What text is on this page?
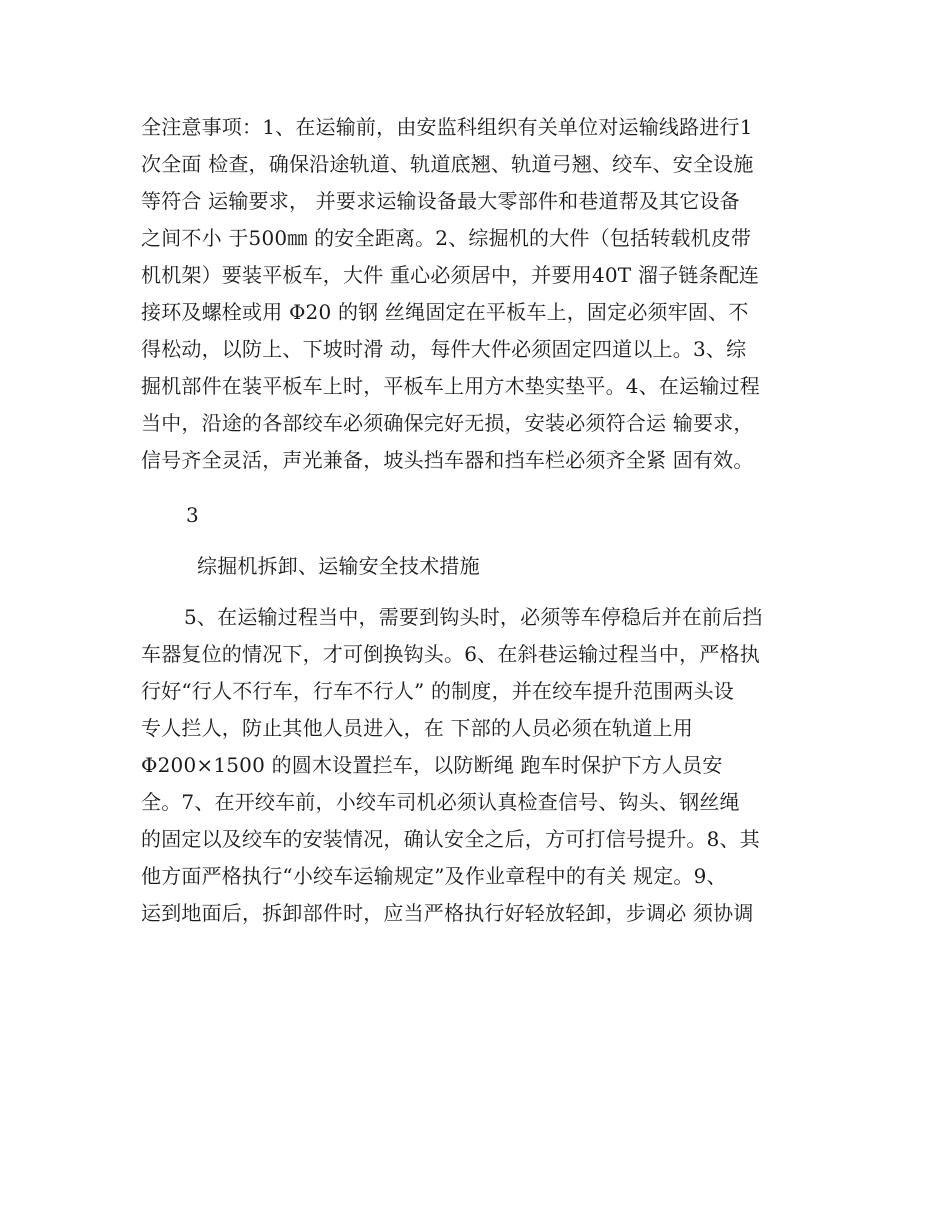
全注意事项：1、在运输前，由安监科组织有关单位对运输线路进行1
次全面 检查，确保沿途轨道、轨道底翘、轨道弓翘、绞车、安全设施
等符合 运输要求， 并要求运输设备最大零部件和巷道帮及其它设备
之间不小 于500㎜ 的安全距离。2、综掘机的大件（包括转载机皮带
机机架）要装平板车，大件 重心必须居中，并要用40T 溜子链条配连
接环及螺栓或用 Φ20 的钢 丝绳固定在平板车上，固定必须牢固、不
得松动，以防上、下坡时滑 动，每件大件必须固定四道以上。3、综
掘机部件在装平板车上时，平板车上用方木垫实垫平。4、在运输过程
当中，沿途的各部绞车必须确保完好无损，安装必须符合运 输要求，
信号齐全灵活，声光兼备，坡头挡车器和挡车栏必须齐全紧 固有效。
3
综掘机拆卸、运输安全技术措施
5、在运输过程当中，需要到钩头时，必须等车停稳后并在前后挡
车器复位的情况下，才可倒换钩头。6、在斜巷运输过程当中，严格执
行好“行人不行车，行车不行人” 的制度，并在绞车提升范围两头设
专人拦人，防止其他人员进入，在 下部的人员必须在轨道上用
Φ200×1500 的圆木设置拦车，以防断绳 跑车时保护下方人员安
全。7、在开绞车前，小绞车司机必须认真检查信号、钩头、钢丝绳
的固定以及绞车的安装情况，确认安全之后，方可打信号提升。8、其
他方面严格执行“小绞车运输规定”及作业章程中的有关 规定。9、
运到地面后，拆卸部件时，应当严格执行好轻放轻卸，步调必 须协调
